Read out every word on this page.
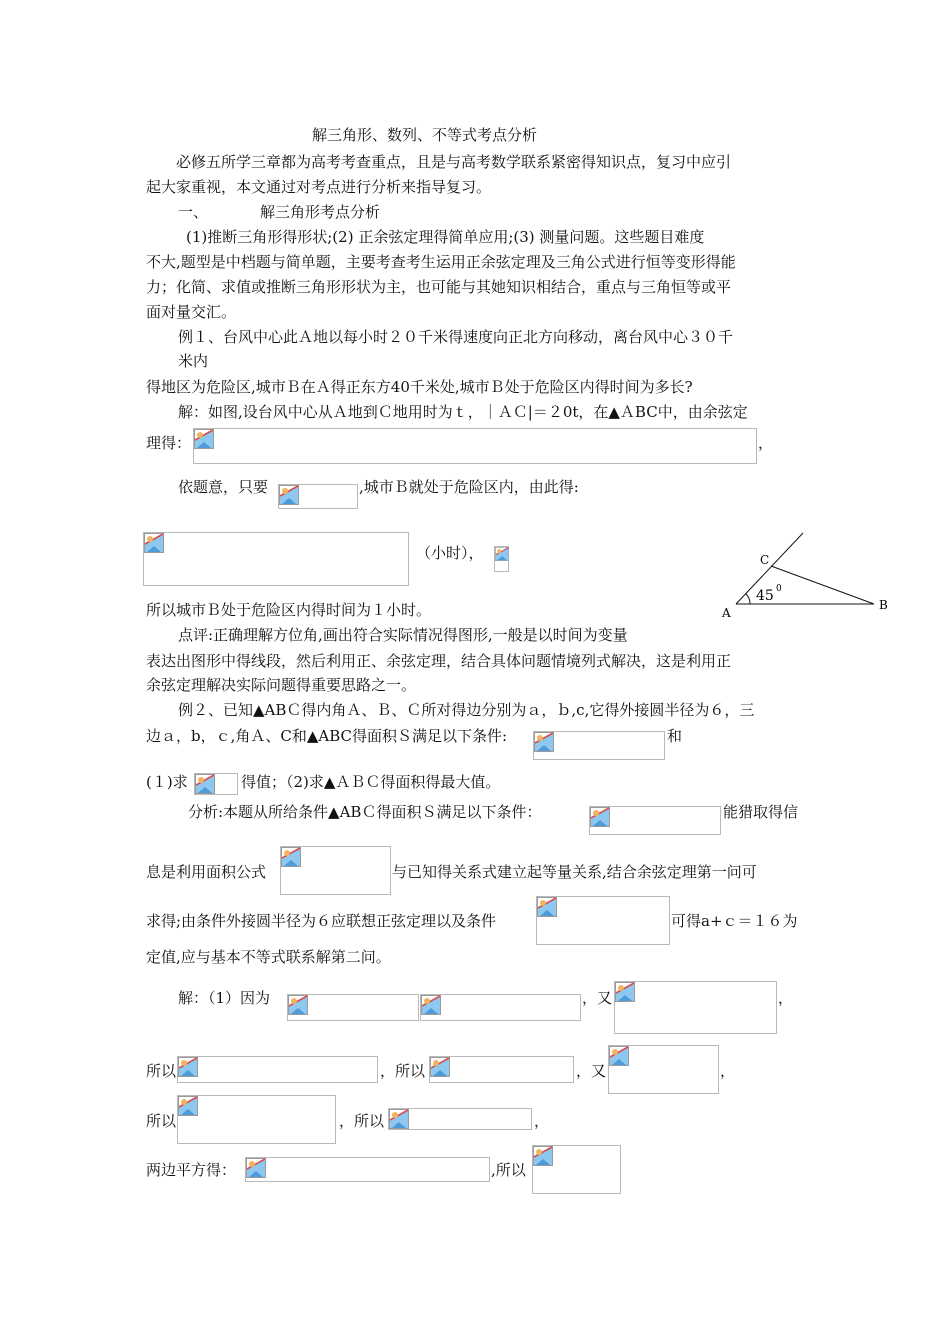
解三角形、数列、不等式考点分析
必修五所学三章都为高考考查重点，且是与高考数学联系紧密得知识点，复习中应引
起大家重视，本文通过对考点进行分析来指导复习。
一、	解三角形考点分析
(1)推断三角形得形状;(2) 正余弦定理得简单应用;(3) 测量问题。这些题目难度
不大,题型是中档题与简单题，主要考查考生运用正余弦定理及三角公式进行恒等变形得能
力；化简、求值或推断三角形形状为主，也可能与其她知识相结合，重点与三角恒等或平
面对量交汇。
例１、台风中心此Ａ地以每小时２０千米得速度向正北方向移动，离台风中心３０千
米内
得地区为危险区,城市Ｂ在Ａ得正东方40千米处,城市Ｂ处于危险区内得时间为多长?
解：如图,设台风中心从Ａ地到Ｃ地用时为ｔ，｜ＡＣ|＝２0t，在▲ＡBC中，由余弦定
理得：	，
依题意，只要	,城市Ｂ就处于危险区内，由此得:
（小时），
A
B
C
45 0
所以城市Ｂ处于危险区内得时间为１小时。
点评:正确理解方位角,画出符合实际情况得图形,一般是以时间为变量
表达出图形中得线段，然后利用正、余弦定理，结合具体问题情境列式解决，这是利用正
余弦定理解决实际问题得重要思路之一。
例２、已知▲ABＣ得内角Ａ、Ｂ、Ｃ所对得边分别为ａ，ｂ,c,它得外接圆半径为６，三
边ａ，b，ｃ,角Ａ、C和▲ABC得面积Ｓ满足以下条件:	和
(１)求	得值；（2)求▲ＡＢＣ得面积得最大值。
分析:本题从所给条件▲ABＣ得面积Ｓ满足以下条件：	能猎取得信
息是利用面积公式	与已知得关系式建立起等量关系,结合余弦定理第一问可
求得;由条件外接圆半径为６应联想正弦定理以及条件	可得a+ｃ＝１６为
定值,应与基本不等式联系解第二问。
解：（1）因为	，又	，
所以	，所以	，又	，
所以	，所以	，
两边平方得：	,所以
